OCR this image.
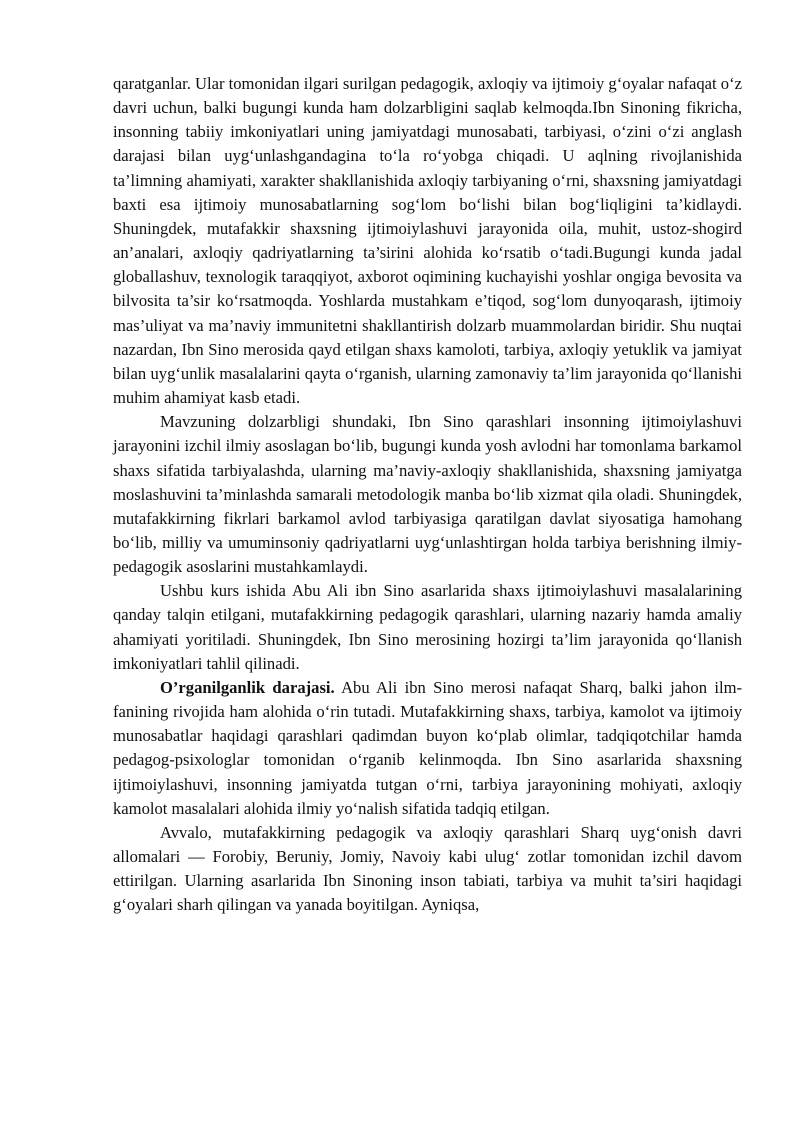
qaratganlar. Ular tomonidan ilgari surilgan pedagogik, axloqiy va ijtimoiy g‘oyalar nafaqat o‘z davri uchun, balki bugungi kunda ham dolzarbligini saqlab kelmoqda.Ibn Sinoning fikricha, insonning tabiiy imkoniyatlari uning jamiyatdagi munosabati, tarbiyasi, o‘zini o‘zi anglash darajasi bilan uyg‘unlashgandagina to‘la ro‘yobga chiqadi. U aqlning rivojlanishida ta’limning ahamiyati, xarakter shakllanishida axloqiy tarbiyaning o‘rni, shaxsning jamiyatdagi baxti esa ijtimoiy munosabatlarning sog‘lom bo‘lishi bilan bog‘liqligini ta’kidlaydi. Shuningdek, mutafakkir shaxsning ijtimoiylashuvi jarayonida oila, muhit, ustoz-shogird an’analari, axloqiy qadriyatlarning ta’sirini alohida ko‘rsatib o‘tadi.Bugungi kunda jadal globallashuv, texnologik taraqqiyot, axborot oqimining kuchayishi yoshlar ongiga bevosita va bilvosita ta’sir ko‘rsatmoqda. Yoshlarda mustahkam e’tiqod, sog‘lom dunyoqarash, ijtimoiy mas’uliyat va ma’naviy immunitetni shakllantirish dolzarb muammolardan biridir. Shu nuqtai nazardan, Ibn Sino merosida qayd etilgan shaxs kamoloti, tarbiya, axloqiy yetuklik va jamiyat bilan uyg‘unlik masalalarini qayta o‘rganish, ularning zamonaviy ta’lim jarayonida qo‘llanishi muhim ahamiyat kasb etadi.

Mavzuning dolzarbligi shundaki, Ibn Sino qarashlari insonning ijtimoiylashuvi jarayonini izchil ilmiy asoslagan bo‘lib, bugungi kunda yosh avlodni har tomonlama barkamol shaxs sifatida tarbiyalashda, ularning ma’naviy-axloqiy shakllanishida, shaxsning jamiyatga moslashuvini ta’minlashda samarali metodologik manba bo‘lib xizmat qila oladi. Shuningdek, mutafakkirning fikrlari barkamol avlod tarbiyasiga qaratilgan davlat siyosatiga hamohang bo‘lib, milliy va umuminsoniy qadriyatlarni uyg‘unlashtirgan holda tarbiya berishning ilmiy-pedagogik asoslarini mustahkamlaydi.

Ushbu kurs ishida Abu Ali ibn Sino asarlarida shaxs ijtimoiylashuvi masalalarining qanday talqin etilgani, mutafakkirning pedagogik qarashlari, ularning nazariy hamda amaliy ahamiyati yoritiladi. Shuningdek, Ibn Sino merosining hozirgi ta’lim jarayonida qo‘llanish imkoniyatlari tahlil qilinadi.

O’rganilganlik darajasi. Abu Ali ibn Sino merosi nafaqat Sharq, balki jahon ilm-fanining rivojida ham alohida o‘rin tutadi. Mutafakkirning shaxs, tarbiya, kamolot va ijtimoiy munosabatlar haqidagi qarashlari qadimdan buyon ko‘plab olimlar, tadqiqotchilar hamda pedagog-psixologlar tomonidan o‘rganib kelinmoqda. Ibn Sino asarlarida shaxsning ijtimoiylashuvi, insonning jamiyatda tutgan o‘rni, tarbiya jarayonining mohiyati, axloqiy kamolot masalalari alohida ilmiy yo‘nalish sifatida tadqiq etilgan.

Avvalo, mutafakkirning pedagogik va axloqiy qarashlari Sharq uyg‘onish davri allomalari — Forobiy, Beruniy, Jomiy, Navoiy kabi ulug‘ zotlar tomonidan izchil davom ettirilgan. Ularning asarlarida Ibn Sinoning inson tabiati, tarbiya va muhit ta’siri haqidagi g‘oyalari sharh qilingan va yanada boyitilgan. Ayniqsa,
